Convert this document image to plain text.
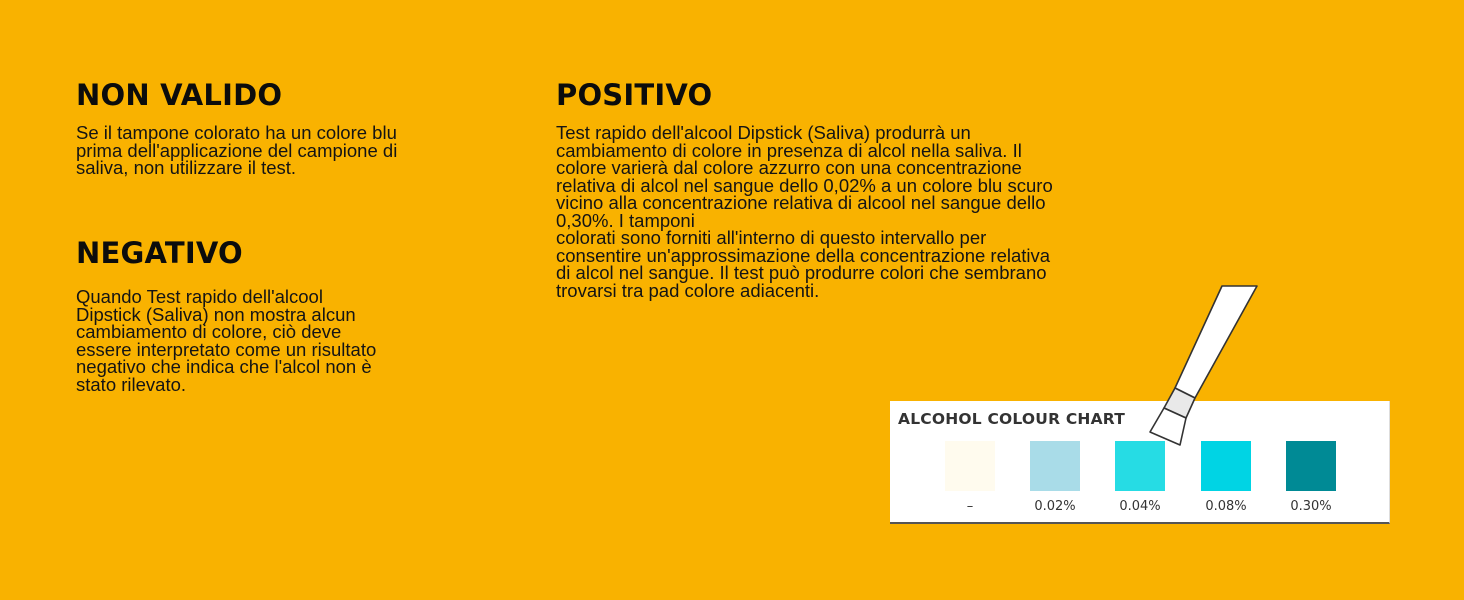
NON VALIDO

Se il tampone colorato ha un colore blu
prima dell'applicazione del campione di
saliva, non utilizzare il test.

NEGATIVO

Quando Test rapido dell'alcool
Dipstick (Saliva) non mostra alcun
cambiamento di colore, ciò deve
essere interpretato come un risultato
negativo che indica che l'alcol non è
stato rilevato.

POSITIVO

Test rapido dell'alcool Dipstick (Saliva) produrrà un
cambiamento di colore in presenza di alcol nella saliva. Il
colore varierà dal colore azzurro con una concentrazione
relativa di alcol nel sangue dello 0,02% a un colore blu scuro
vicino alla concentrazione relativa di alcool nel sangue dello
0,30%. I tamponi
colorati sono forniti all'interno di questo intervallo per
consentire un'approssimazione della concentrazione relativa
di alcol nel sangue. Il test può produrre colori che sembrano
trovarsi tra pad colore adiacenti.

ALCOHOL COLOUR CHART
–	0.02%	0.04%	0.08%	0.30%
